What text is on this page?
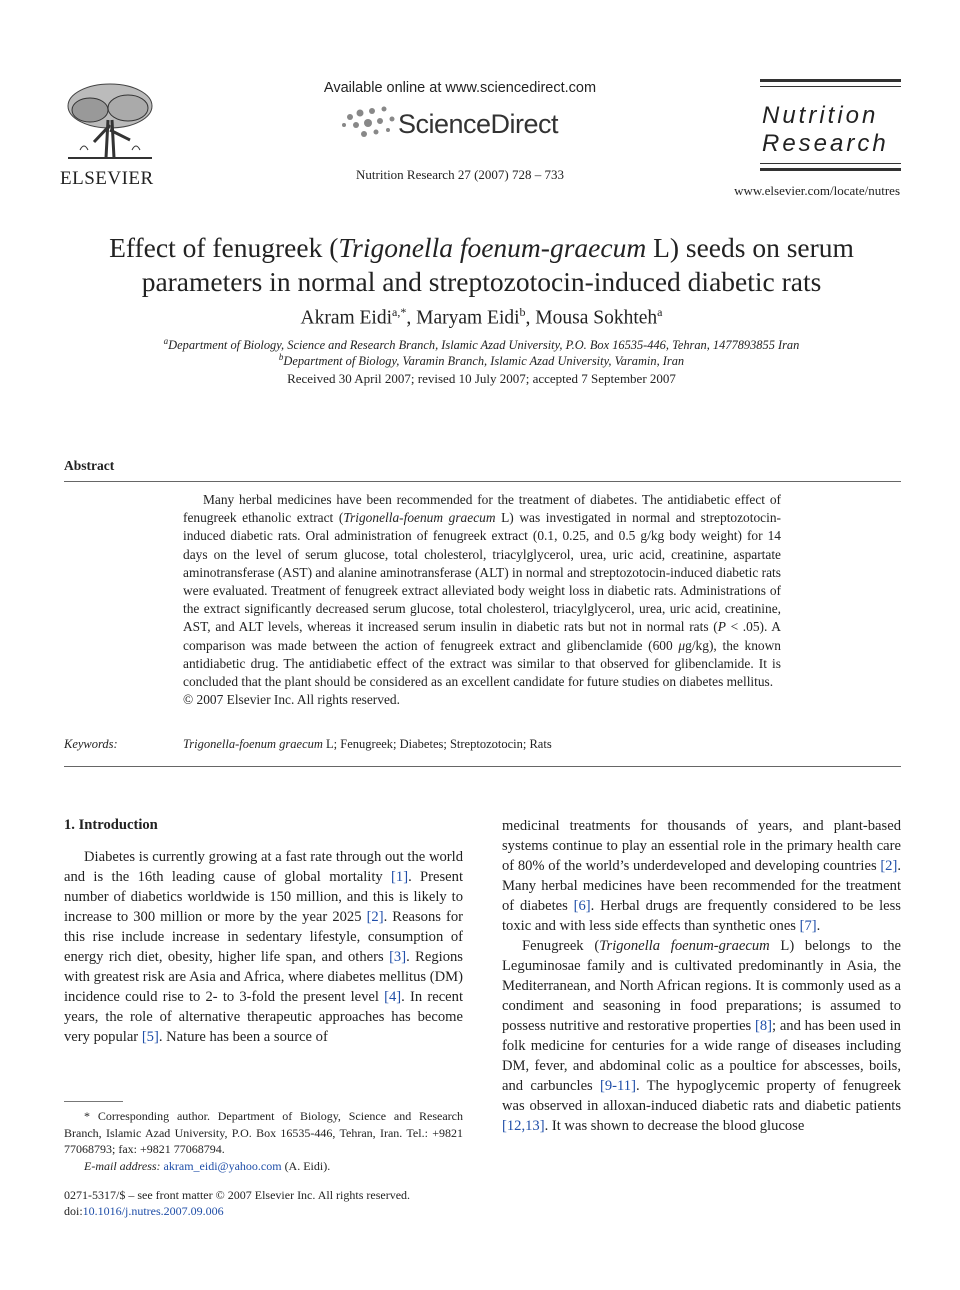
ELSEVIER
Available online at www.sciencedirect.com
ScienceDirect
Nutrition Research 27 (2007) 728 – 733
Nutrition
Research
www.elsevier.com/locate/nutres
Effect of fenugreek (Trigonella foenum-graecum L) seeds on serum
parameters in normal and streptozotocin-induced diabetic rats
Akram Eidi$^{a,*}$, Maryam Eidi$^b$, Mousa Sokhteh$^a$
$^a$Department of Biology, Science and Research Branch, Islamic Azad University, P.O. Box 16535-446, Tehran, 1477893855 Iran
$^b$Department of Biology, Varamin Branch, Islamic Azad University, Varamin, Iran
Received 30 April 2007; revised 10 July 2007; accepted 7 September 2007
Abstract
Many herbal medicines have been recommended for the treatment of diabetes. The antidiabetic effect of fenugreek ethanolic extract (Trigonella-foenum graecum L) was investigated in normal and streptozotocin-induced diabetic rats. Oral administration of fenugreek extract (0.1, 0.25, and 0.5 g/kg body weight) for 14 days on the level of serum glucose, total cholesterol, triacylglycerol, urea, uric acid, creatinine, aspartate aminotransferase (AST) and alanine aminotransferase (ALT) in normal and streptozotocin-induced diabetic rats were evaluated. Treatment of fenugreek extract alleviated body weight loss in diabetic rats. Administrations of the extract significantly decreased serum glucose, total cholesterol, triacylglycerol, urea, uric acid, creatinine, AST, and ALT levels, whereas it increased serum insulin in diabetic rats but not in normal rats (P < .05). A comparison was made between the action of fenugreek extract and glibenclamide (600 μg/kg), the known antidiabetic drug. The antidiabetic effect of the extract was similar to that observed for glibenclamide. It is concluded that the plant should be considered as an excellent candidate for future studies on diabetes mellitus.
© 2007 Elsevier Inc. All rights reserved.
Keywords:	Trigonella-foenum graecum L; Fenugreek; Diabetes; Streptozotocin; Rats
1. Introduction

Diabetes is currently growing at a fast rate through out the world and is the 16th leading cause of global mortality [1]. Present number of diabetics worldwide is 150 million, and this is likely to increase to 300 million or more by the year 2025 [2]. Reasons for this rise include increase in sedentary lifestyle, consumption of energy rich diet, obesity, higher life span, and others [3]. Regions with greatest risk are Asia and Africa, where diabetes mellitus (DM) incidence could rise to 2- to 3-fold the present level [4]. In recent years, the role of alternative therapeutic approaches has become very popular [5]. Nature has been a source of

medicinal treatments for thousands of years, and plant-based systems continue to play an essential role in the primary health care of 80% of the world’s underdeveloped and developing countries [2]. Many herbal medicines have been recommended for the treatment of diabetes [6]. Herbal drugs are frequently considered to be less toxic and with less side effects than synthetic ones [7].

Fenugreek (Trigonella foenum-graecum L) belongs to the Leguminosae family and is cultivated predominantly in Asia, the Mediterranean, and North African regions. It is commonly used as a condiment and seasoning in food preparations; is assumed to possess nutritive and restorative properties [8]; and has been used in folk medicine for centuries for a wide range of diseases including DM, fever, and abdominal colic as a poultice for abscesses, boils, and carbuncles [9-11]. The hypoglycemic property of fenugreek was observed in alloxan-induced diabetic rats and diabetic patients [12,13]. It was shown to decrease the blood glucose

* Corresponding author. Department of Biology, Science and Research Branch, Islamic Azad University, P.O. Box 16535-446, Tehran, Iran. Tel.: +9821 77068793; fax: +9821 77068794.
E-mail address: akram_eidi@yahoo.com (A. Eidi).
0271-5317/$ – see front matter © 2007 Elsevier Inc. All rights reserved.
doi:10.1016/j.nutres.2007.09.006
